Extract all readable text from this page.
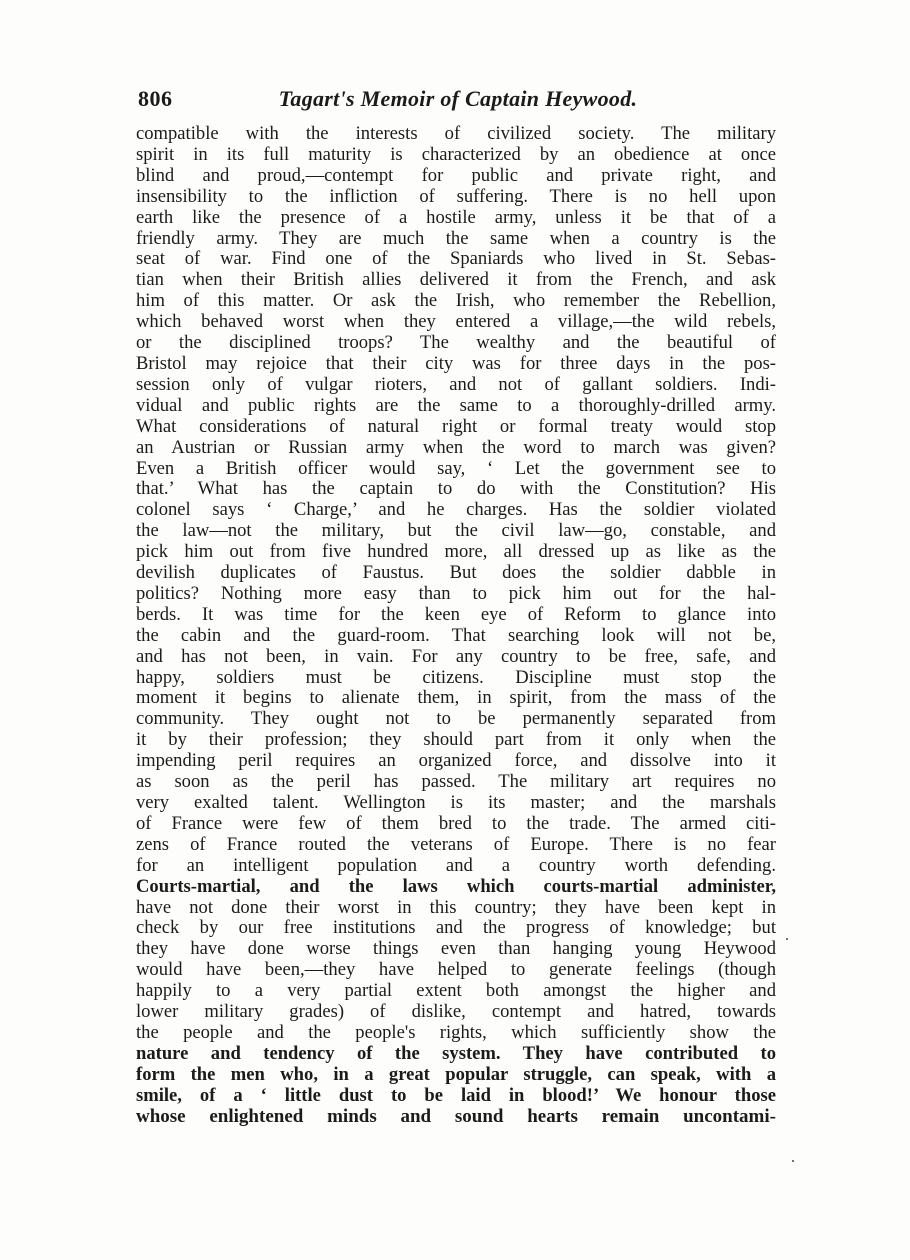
806	Tagart's Memoir of Captain Heywood.
compatible with the interests of civilized society. The military
spirit in its full maturity is characterized by an obedience at once
blind and proud,—contempt for public and private right, and
insensibility to the infliction of suffering. There is no hell upon
earth like the presence of a hostile army, unless it be that of a
friendly army. They are much the same when a country is the
seat of war. Find one of the Spaniards who lived in St. Sebas-
tian when their British allies delivered it from the French, and ask
him of this matter. Or ask the Irish, who remember the Rebellion,
which behaved worst when they entered a village,—the wild rebels,
or the disciplined troops? The wealthy and the beautiful of
Bristol may rejoice that their city was for three days in the pos-
session only of vulgar rioters, and not of gallant soldiers. Indi-
vidual and public rights are the same to a thoroughly-drilled army.
What considerations of natural right or formal treaty would stop
an Austrian or Russian army when the word to march was given?
Even a British officer would say, ‘ Let the government see to
that.’ What has the captain to do with the Constitution? His
colonel says ‘ Charge,’ and he charges. Has the soldier violated
the law—not the military, but the civil law—go, constable, and
pick him out from five hundred more, all dressed up as like as the
devilish duplicates of Faustus. But does the soldier dabble in
politics? Nothing more easy than to pick him out for the hal-
berds. It was time for the keen eye of Reform to glance into
the cabin and the guard-room. That searching look will not be,
and has not been, in vain. For any country to be free, safe, and
happy, soldiers must be citizens. Discipline must stop the
moment it begins to alienate them, in spirit, from the mass of the
community. They ought not to be permanently separated from
it by their profession; they should part from it only when the
impending peril requires an organized force, and dissolve into it
as soon as the peril has passed. The military art requires no
very exalted talent. Wellington is its master; and the marshals
of France were few of them bred to the trade. The armed citi-
zens of France routed the veterans of Europe. There is no fear
for an intelligent population and a country worth defending.
Courts-martial, and the laws which courts-martial administer,
have not done their worst in this country; they have been kept in
check by our free institutions and the progress of knowledge; but
they have done worse things even than hanging young Heywood
would have been,—they have helped to generate feelings (though
happily to a very partial extent both amongst the higher and
lower military grades) of dislike, contempt and hatred, towards
the people and the people's rights, which sufficiently show the
nature and tendency of the system. They have contributed to
form the men who, in a great popular struggle, can speak, with a
smile, of a ‘ little dust to be laid in blood!’ We honour those
whose enlightened minds and sound hearts remain uncontami-
